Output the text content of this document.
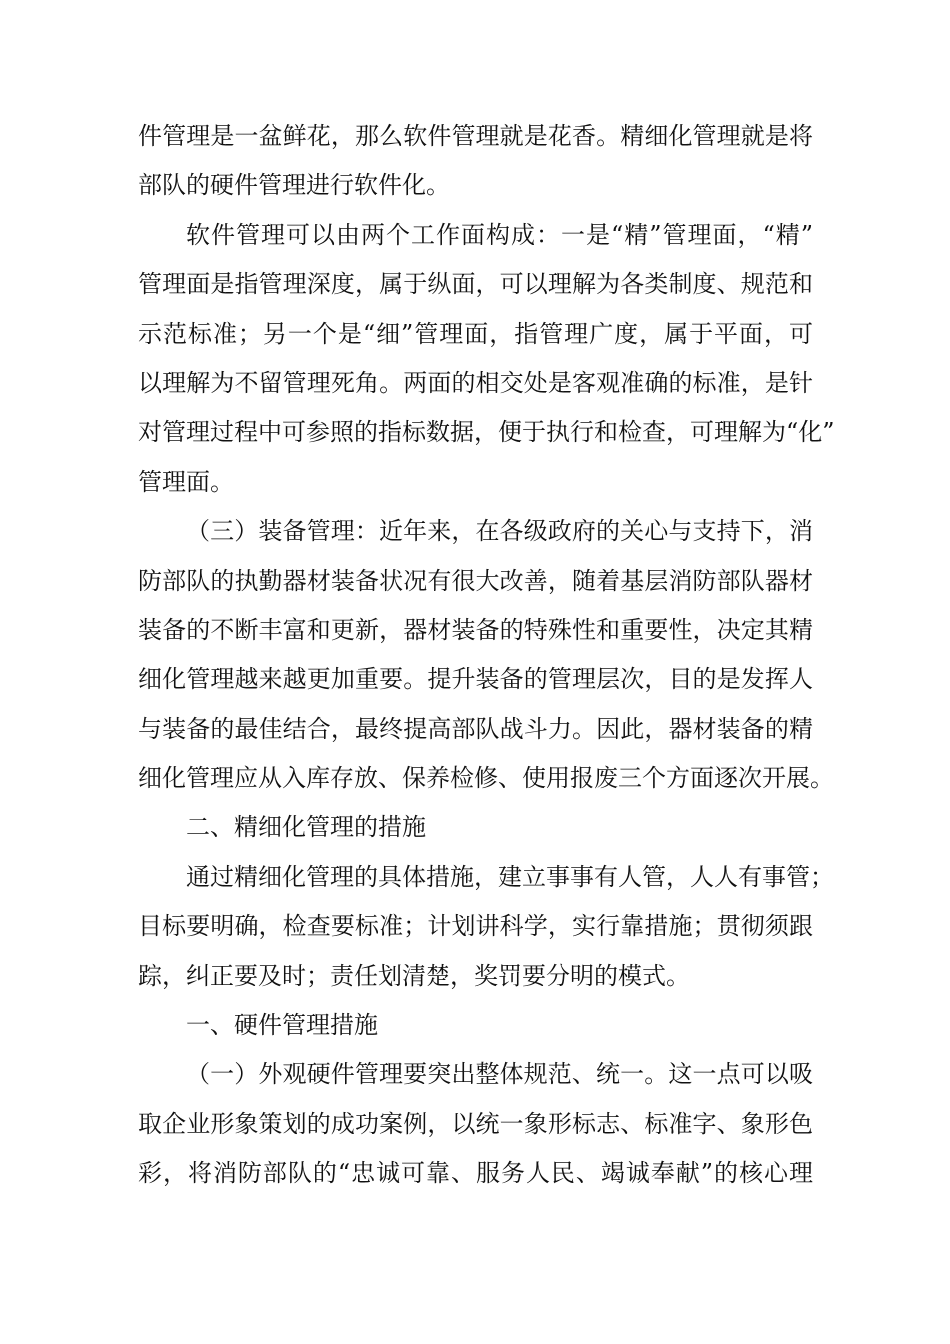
件管理是一盆鲜花，那么软件管理就是花香。精细化管理就是将
部队的硬件管理进行软件化。
软件管理可以由两个工作面构成：一是“精”管理面，“精”
管理面是指管理深度，属于纵面，可以理解为各类制度、规范和
示范标准；另一个是“细”管理面，指管理广度，属于平面，可
以理解为不留管理死角。两面的相交处是客观准确的标准，是针
对管理过程中可参照的指标数据，便于执行和检查，可理解为“化”
管理面。
（三）装备管理：近年来，在各级政府的关心与支持下，消
防部队的执勤器材装备状况有很大改善，随着基层消防部队器材
装备的不断丰富和更新，器材装备的特殊性和重要性，决定其精
细化管理越来越更加重要。提升装备的管理层次，目的是发挥人
与装备的最佳结合，最终提高部队战斗力。因此，器材装备的精
细化管理应从入库存放、保养检修、使用报废三个方面逐次开展。
二、精细化管理的措施
通过精细化管理的具体措施，建立事事有人管，人人有事管；
目标要明确，检查要标准；计划讲科学，实行靠措施；贯彻须跟
踪，纠正要及时；责任划清楚，奖罚要分明的模式。
一、硬件管理措施
（一）外观硬件管理要突出整体规范、统一。这一点可以吸
取企业形象策划的成功案例，以统一象形标志、标准字、象形色
彩，将消防部队的“忠诚可靠、服务人民、竭诚奉献”的核心理
